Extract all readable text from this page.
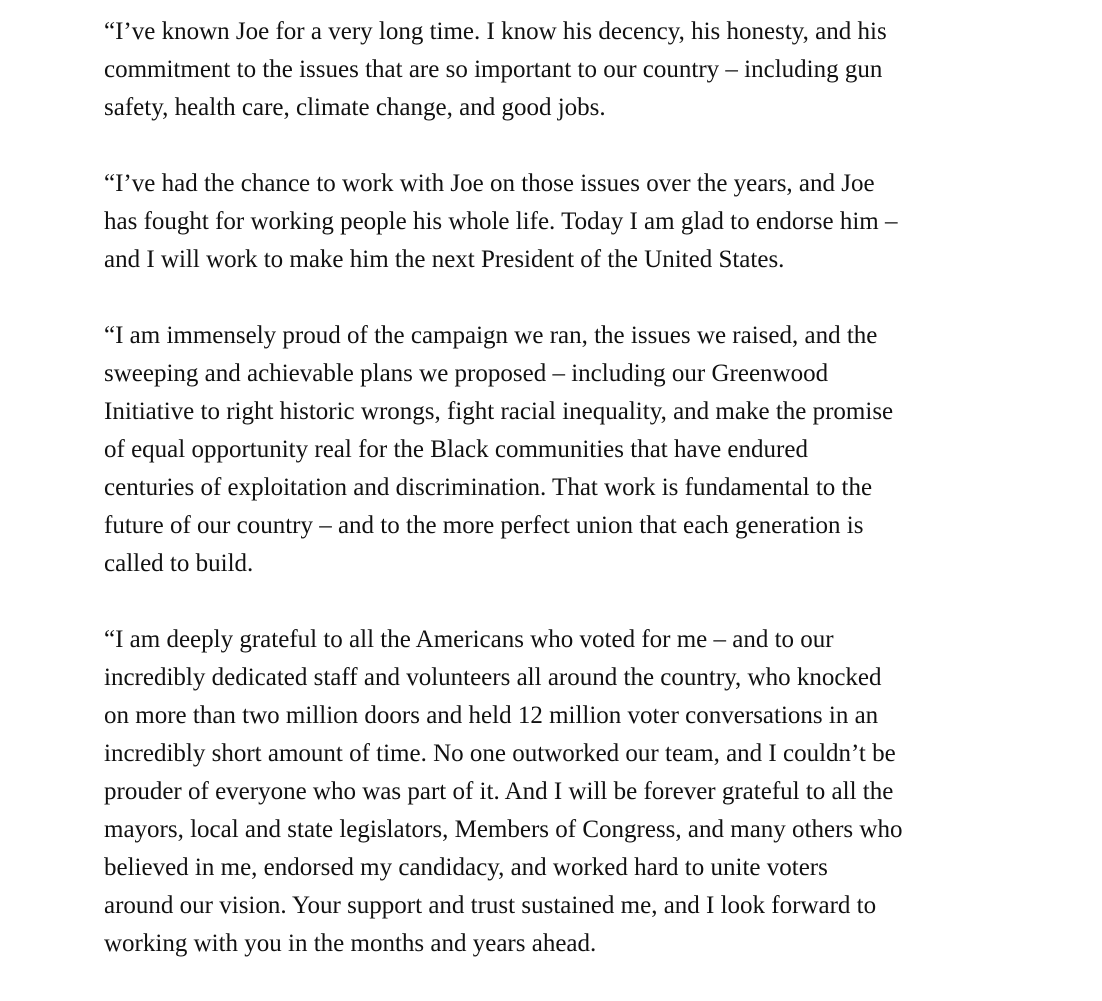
“I’ve known Joe for a very long time. I know his decency, his honesty, and his
commitment to the issues that are so important to our country – including gun
safety, health care, climate change, and good jobs.

“I’ve had the chance to work with Joe on those issues over the years, and Joe
has fought for working people his whole life. Today I am glad to endorse him –
and I will work to make him the next President of the United States.

“I am immensely proud of the campaign we ran, the issues we raised, and the
sweeping and achievable plans we proposed – including our Greenwood
Initiative to right historic wrongs, fight racial inequality, and make the promise
of equal opportunity real for the Black communities that have endured
centuries of exploitation and discrimination. That work is fundamental to the
future of our country – and to the more perfect union that each generation is
called to build.

“I am deeply grateful to all the Americans who voted for me – and to our
incredibly dedicated staff and volunteers all around the country, who knocked
on more than two million doors and held 12 million voter conversations in an
incredibly short amount of time. No one outworked our team, and I couldn’t be
prouder of everyone who was part of it. And I will be forever grateful to all the
mayors, local and state legislators, Members of Congress, and many others who
believed in me, endorsed my candidacy, and worked hard to unite voters
around our vision. Your support and trust sustained me, and I look forward to
working with you in the months and years ahead.
